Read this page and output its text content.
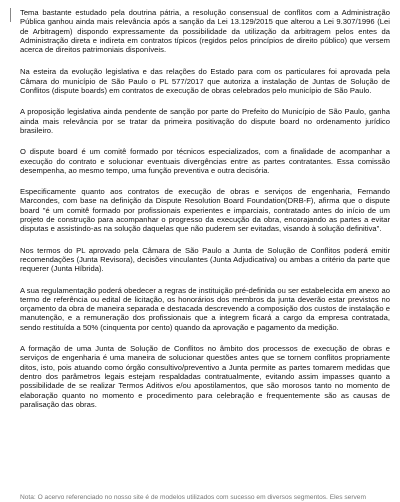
Tema bastante estudado pela doutrina pátria, a resolução consensual de conflitos com a Administração Pública ganhou ainda mais relevância após a sanção da Lei 13.129/2015 que alterou a Lei 9.307/1996 (Lei de Arbitragem) dispondo expressamente da possibilidade da utilização da arbitragem pelos entes da Administração direta e indireta em contratos típicos (regidos pelos princípios de direito público) que versem acerca de direitos patrimoniais disponíveis.

Na esteira da evolução legislativa e das relações do Estado para com os particulares foi aprovada pela Câmara do município de São Paulo o PL 577/2017 que autoriza a instalação de Juntas de Solução de Conflitos (dispute boards) em contratos de execução de obras celebrados pelo município de São Paulo.

A proposição legislativa ainda pendente de sanção por parte do Prefeito do Município de São Paulo, ganha ainda mais relevância por se tratar da primeira positivação do dispute board no ordenamento jurídico brasileiro.

O dispute board é um comitê formado por técnicos especializados, com a finalidade de acompanhar a execução do contrato e solucionar eventuais divergências entre as partes contratantes. Essa comissão desempenha, ao mesmo tempo, uma função preventiva e outra decisória.

Especificamente quanto aos contratos de execução de obras e serviços de engenharia, Fernando Marcondes, com base na definição da Dispute Resolution Board Foundation(DRB-F), afirma que o dispute board "é um comitê formado por profissionais experientes e imparciais, contratado antes do início de um projeto de construção para acompanhar o progresso da execução da obra, encorajando as partes a evitar disputas e assistindo-as na solução daquelas que não puderem ser evitadas, visando à solução definitiva".

Nos termos do PL aprovado pela Câmara de São Paulo a Junta de Solução de Conflitos poderá emitir recomendações (Junta Revisora), decisões vinculantes (Junta Adjudicativa) ou ambas a critério da parte que requerer (Junta Híbrida).

A sua regulamentação poderá obedecer a regras de instituição pré-definida ou ser estabelecida em anexo ao termo de referência ou edital de licitação, os honorários dos membros da junta deverão estar previstos no orçamento da obra de maneira separada e destacada descrevendo a composição dos custos de instalação e manutenção, e a remuneração dos profissionais que a integrem ficará a cargo da empresa contratada, sendo restituída a 50% (cinquenta por cento) quando da aprovação e pagamento da medição.

A formação de uma Junta de Solução de Conflitos no âmbito dos processos de execução de obras e serviços de engenharia é uma maneira de solucionar questões antes que se tornem conflitos propriamente ditos, isto, pois atuando como órgão consultivo/preventivo a Junta permite as partes tomarem medidas que dentro dos parâmetros legais estejam respaldadas contratualmente, evitando assim impasses quanto a possibilidade de se realizar Termos Aditivos e/ou apostilamentos, que são morosos tanto no momento de elaboração quanto no momento e procedimento para celebração e frequentemente são as causas de paralisação das obras.

Nota: O acervo referenciado no nosso site é de modelos utilizados com sucesso em diversos segmentos. Eles servem
